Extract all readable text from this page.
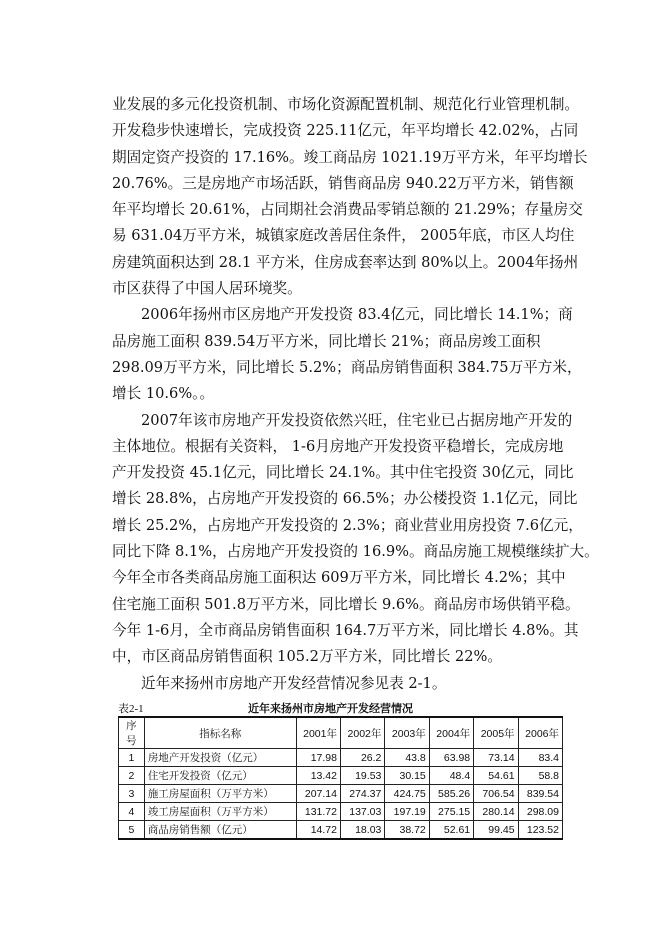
业发展的多元化投资机制、市场化资源配置机制、规范化行业管理机制。
开发稳步快速增长，完成投资 225.11亿元，年平均增长 42.02%，占同
期固定资产投资的 17.16%。竣工商品房 1021.19万平方米，年平均增长
20.76%。三是房地产市场活跃，销售商品房 940.22万平方米，销售额
年平均增长 20.61%，占同期社会消费品零销总额的 21.29%；存量房交
易 631.04万平方米，城镇家庭改善居住条件， 2005年底，市区人均住
房建筑面积达到 28.1 平方米，住房成套率达到 80%以上。2004年扬州
市区获得了中国人居环境奖。
2006年扬州市区房地产开发投资 83.4亿元，同比增长 14.1%；商
品房施工面积 839.54万平方米，同比增长 21%；商品房竣工面积
298.09万平方米，同比增长 5.2%；商品房销售面积 384.75万平方米，
增长 10.6%。。
2007年该市房地产开发投资依然兴旺，住宅业已占据房地产开发的
主体地位。根据有关资料， 1-6月房地产开发投资平稳增长，完成房地
产开发投资 45.1亿元，同比增长 24.1%。其中住宅投资 30亿元，同比
增长 28.8%，占房地产开发投资的 66.5%；办公楼投资 1.1亿元，同比
增长 25.2%，占房地产开发投资的 2.3%；商业营业用房投资 7.6亿元，
同比下降 8.1%，占房地产开发投资的 16.9%。商品房施工规模继续扩大。
今年全市各类商品房施工面积达 609万平方米，同比增长 4.2%；其中
住宅施工面积 501.8万平方米，同比增长 9.6%。商品房市场供销平稳。
今年 1-6月，全市商品房销售面积 164.7万平方米，同比增长 4.8%。其
中，市区商品房销售面积 105.2万平方米，同比增长 22%。
近年来扬州市房地产开发经营情况参见表 2-1。
表2-1	近年来扬州市房地产开发经营情况
序号	指标名称	2001年	2002年	2003年	2004年	2005年	2006年
1	房地产开发投资（亿元）	17.98	26.2	43.8	63.98	73.14	83.4
2	住宅开发投资（亿元）	13.42	19.53	30.15	48.4	54.61	58.8
3	施工房屋面积（万平方米）	207.14	274.37	424.75	585.26	706.54	839.54
4	竣工房屋面积（万平方米）	131.72	137.03	197.19	275.15	280.14	298.09
5	商品房销售额（亿元）	14.72	18.03	38.72	52.61	99.45	123.52
